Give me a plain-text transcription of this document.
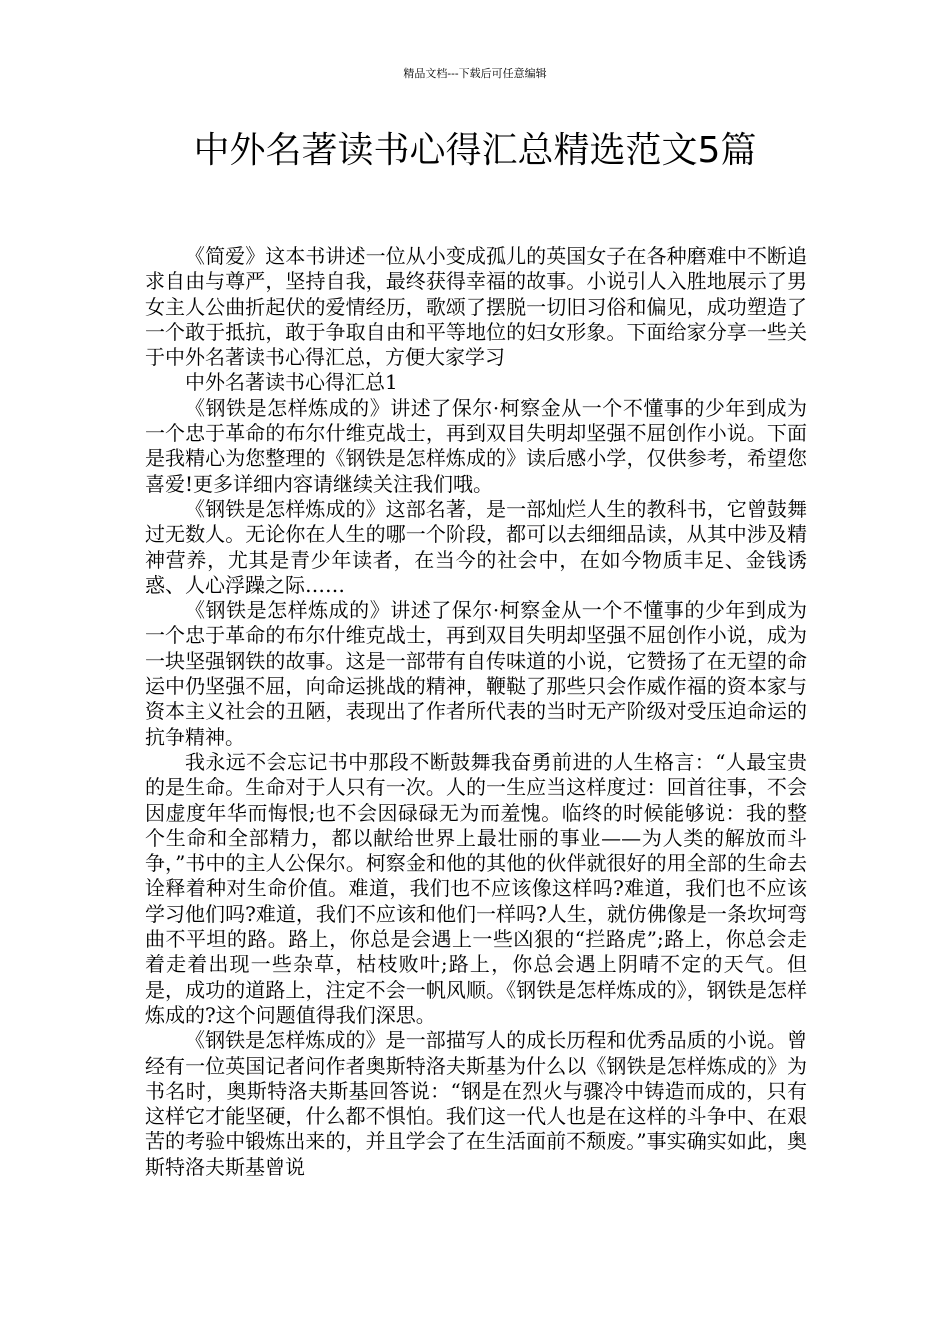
精品文档---下载后可任意编辑
中外名著读书心得汇总精选范文5篇

《简爱》这本书讲述一位从小变成孤儿的英国女子在各种磨难中不断追求自由与尊严，坚持自我，最终获得幸福的故事。小说引人入胜地展示了男女主人公曲折起伏的爱情经历，歌颂了摆脱一切旧习俗和偏见，成功塑造了一个敢于抵抗，敢于争取自由和平等地位的妇女形象。下面给家分享一些关于中外名著读书心得汇总，方便大家学习

中外名著读书心得汇总1

《钢铁是怎样炼成的》讲述了保尔·柯察金从一个不懂事的少年到成为一个忠于革命的布尔什维克战士，再到双目失明却坚强不屈创作小说。下面是我精心为您整理的《钢铁是怎样炼成的》读后感小学，仅供参考，希望您喜爱!更多详细内容请继续关注我们哦。

《钢铁是怎样炼成的》这部名著，是一部灿烂人生的教科书，它曾鼓舞过无数人。无论你在人生的哪一个阶段，都可以去细细品读，从其中涉及精神营养，尤其是青少年读者，在当今的社会中，在如今物质丰足、金钱诱惑、人心浮躁之际……

《钢铁是怎样炼成的》讲述了保尔·柯察金从一个不懂事的少年到成为一个忠于革命的布尔什维克战士，再到双目失明却坚强不屈创作小说，成为一块坚强钢铁的故事。这是一部带有自传味道的小说，它赞扬了在无望的命运中仍坚强不屈，向命运挑战的精神，鞭鞑了那些只会作威作福的资本家与资本主义社会的丑陋，表现出了作者所代表的当时无产阶级对受压迫命运的抗争精神。

我永远不会忘记书中那段不断鼓舞我奋勇前进的人生格言：“人最宝贵的是生命。生命对于人只有一次。人的一生应当这样度过：回首往事，不会因虚度年华而悔恨;也不会因碌碌无为而羞愧。临终的时候能够说：我的整个生命和全部精力，都以献给世界上最壮丽的事业——为人类的解放而斗争，”书中的主人公保尔。柯察金和他的其他的伙伴就很好的用全部的生命去诠释着种对生命价值。难道，我们也不应该像这样吗?难道，我们也不应该学习他们吗?难道，我们不应该和他们一样吗?人生，就仿佛像是一条坎坷弯曲不平坦的路。路上，你总是会遇上一些凶狠的“拦路虎”;路上，你总会走着走着出现一些杂草，枯枝败叶;路上，你总会遇上阴晴不定的天气。但是，成功的道路上，注定不会一帆风顺。《钢铁是怎样炼成的》，钢铁是怎样炼成的?这个问题值得我们深思。

《钢铁是怎样炼成的》是一部描写人的成长历程和优秀品质的小说。曾经有一位英国记者问作者奥斯特洛夫斯基为什么以《钢铁是怎样炼成的》为书名时，奥斯特洛夫斯基回答说：“钢是在烈火与骤冷中铸造而成的，只有这样它才能坚硬，什么都不惧怕。我们这一代人也是在这样的斗争中、在艰苦的考验中锻炼出来的，并且学会了在生活面前不颓废。”事实确实如此，奥斯特洛夫斯基曾说
